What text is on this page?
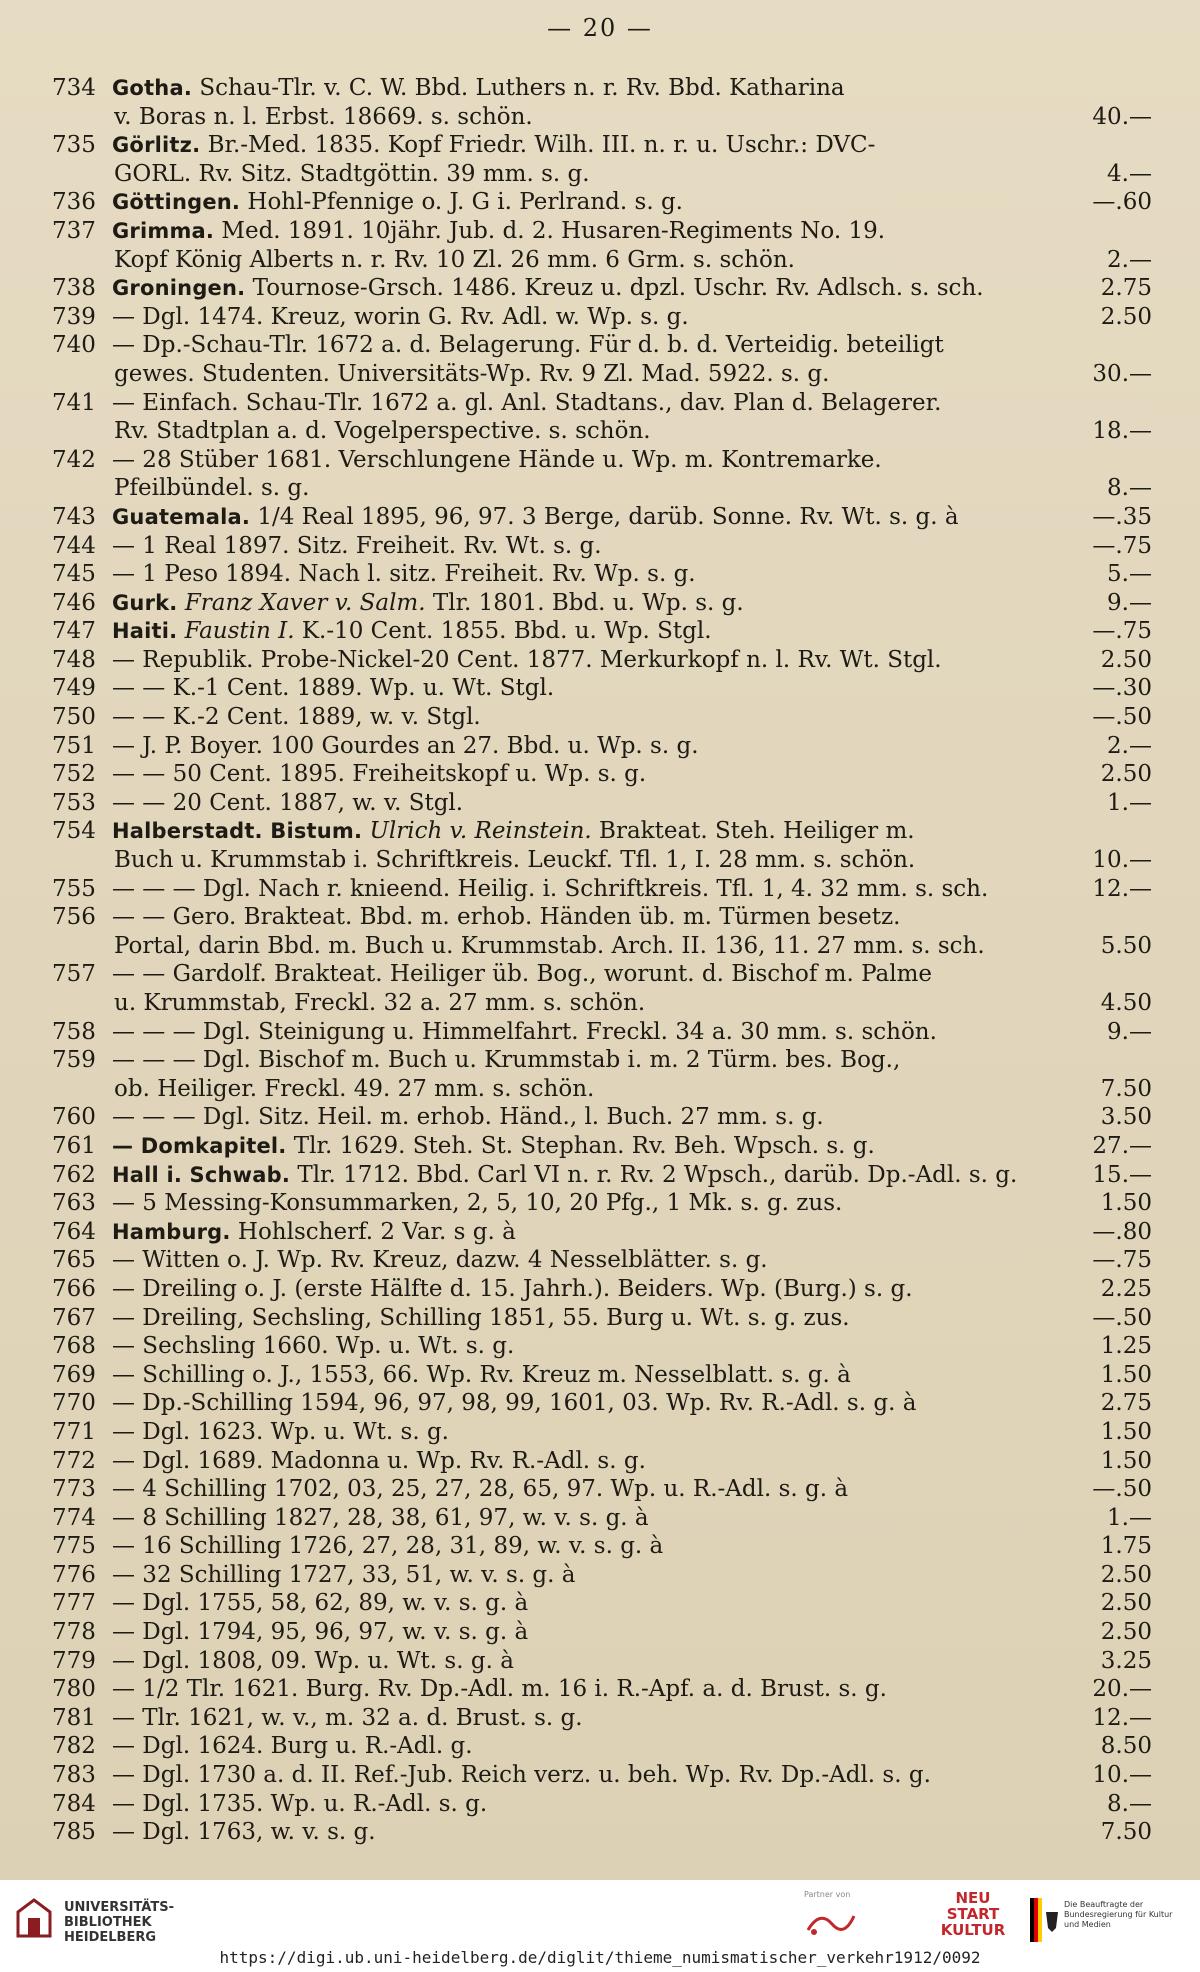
— 20 —
734 Gotha. Schau-Tlr. v. C. W. Bbd. Luthers n. r. Rv. Bbd. Katharina
v. Boras n. l. Erbst. 18669. s. schön.	40.—
735 Görlitz. Br.-Med. 1835. Kopf Friedr. Wilh. III. n. r. u. Uschr.: DVC-
GORL. Rv. Sitz. Stadtgöttin. 39 mm. s. g.	4.—
736 Göttingen. Hohl-Pfennige o. J. G i. Perlrand. s. g.	—.60
737 Grimma. Med. 1891. 10jähr. Jub. d. 2. Husaren-Regiments No. 19.
Kopf König Alberts n. r. Rv. 10 Zl. 26 mm. 6 Grm. s. schön.	2.—
738 Groningen. Tournose-Grsch. 1486. Kreuz u. dpzl. Uschr. Rv. Adlsch. s. sch.	2.75
739 — Dgl. 1474. Kreuz, worin G. Rv. Adl. w. Wp. s. g.	2.50
740 — Dp.-Schau-Tlr. 1672 a. d. Belagerung. Für d. b. d. Verteidig. beteiligt
gewes. Studenten. Universitäts-Wp. Rv. 9 Zl. Mad. 5922. s. g.	30.—
741 — Einfach. Schau-Tlr. 1672 a. gl. Anl. Stadtans., dav. Plan d. Belagerer.
Rv. Stadtplan a. d. Vogelperspective. s. schön.	18.—
742 — 28 Stüber 1681. Verschlungene Hände u. Wp. m. Kontremarke.
Pfeilbündel. s. g.	8.—
743 Guatemala. 1/4 Real 1895, 96, 97. 3 Berge, darüb. Sonne. Rv. Wt. s. g. à	—.35
744 — 1 Real 1897. Sitz. Freiheit. Rv. Wt. s. g.	—.75
745 — 1 Peso 1894. Nach l. sitz. Freiheit. Rv. Wp. s. g.	5.—
746 Gurk. Franz Xaver v. Salm. Tlr. 1801. Bbd. u. Wp. s. g.	9.—
747 Haiti. Faustin I. K.-10 Cent. 1855. Bbd. u. Wp. Stgl.	—.75
748 — Republik. Probe-Nickel-20 Cent. 1877. Merkurkopf n. l. Rv. Wt. Stgl.	2.50
749 — — K.-1 Cent. 1889. Wp. u. Wt. Stgl.	—.30
750 — — K.-2 Cent. 1889, w. v. Stgl.	—.50
751 — J. P. Boyer. 100 Gourdes an 27. Bbd. u. Wp. s. g.	2.—
752 — — 50 Cent. 1895. Freiheitskopf u. Wp. s. g.	2.50
753 — — 20 Cent. 1887, w. v. Stgl.	1.—
754 Halberstadt. Bistum. Ulrich v. Reinstein. Brakteat. Steh. Heiliger m.
Buch u. Krummstab i. Schriftkreis. Leuckf. Tfl. 1, I. 28 mm. s. schön.	10.—
755 — — — Dgl. Nach r. knieend. Heilig. i. Schriftkreis. Tfl. 1, 4. 32 mm. s. sch.	12.—
756 — — Gero. Brakteat. Bbd. m. erhob. Händen üb. m. Türmen besetz.
Portal, darin Bbd. m. Buch u. Krummstab. Arch. II. 136, 11. 27 mm. s. sch.	5.50
757 — — Gardolf. Brakteat. Heiliger üb. Bog., worunt. d. Bischof m. Palme
u. Krummstab, Freckl. 32 a. 27 mm. s. schön.	4.50
758 — — — Dgl. Steinigung u. Himmelfahrt. Freckl. 34 a. 30 mm. s. schön.	9.—
759 — — — Dgl. Bischof m. Buch u. Krummstab i. m. 2 Türm. bes. Bog.,
ob. Heiliger. Freckl. 49. 27 mm. s. schön.	7.50
760 — — — Dgl. Sitz. Heil. m. erhob. Händ., l. Buch. 27 mm. s. g.	3.50
761 — Domkapitel. Tlr. 1629. Steh. St. Stephan. Rv. Beh. Wpsch. s. g.	27.—
762 Hall i. Schwab. Tlr. 1712. Bbd. Carl VI n. r. Rv. 2 Wpsch., darüb. Dp.-Adl. s. g.	15.—
763 — 5 Messing-Konsummarken, 2, 5, 10, 20 Pfg., 1 Mk. s. g. zus.	1.50
764 Hamburg. Hohlscherf. 2 Var. s g. à	—.80
765 — Witten o. J. Wp. Rv. Kreuz, dazw. 4 Nesselblätter. s. g.	—.75
766 — Dreiling o. J. (erste Hälfte d. 15. Jahrh.). Beiders. Wp. (Burg.) s. g.	2.25
767 — Dreiling, Sechsling, Schilling 1851, 55. Burg u. Wt. s. g. zus.	—.50
768 — Sechsling 1660. Wp. u. Wt. s. g.	1.25
769 — Schilling o. J., 1553, 66. Wp. Rv. Kreuz m. Nesselblatt. s. g. à	1.50
770 — Dp.-Schilling 1594, 96, 97, 98, 99, 1601, 03. Wp. Rv. R.-Adl. s. g. à	2.75
771 — Dgl. 1623. Wp. u. Wt. s. g.	1.50
772 — Dgl. 1689. Madonna u. Wp. Rv. R.-Adl. s. g.	1.50
773 — 4 Schilling 1702, 03, 25, 27, 28, 65, 97. Wp. u. R.-Adl. s. g. à	—.50
774 — 8 Schilling 1827, 28, 38, 61, 97, w. v. s. g. à	1.—
775 — 16 Schilling 1726, 27, 28, 31, 89, w. v. s. g. à	1.75
776 — 32 Schilling 1727, 33, 51, w. v. s. g. à	2.50
777 — Dgl. 1755, 58, 62, 89, w. v. s. g. à	2.50
778 — Dgl. 1794, 95, 96, 97, w. v. s. g. à	2.50
779 — Dgl. 1808, 09. Wp. u. Wt. s. g. à	3.25
780 — 1/2 Tlr. 1621. Burg. Rv. Dp.-Adl. m. 16 i. R.-Apf. a. d. Brust. s. g.	20.—
781 — Tlr. 1621, w. v., m. 32 a. d. Brust. s. g.	12.—
782 — Dgl. 1624. Burg u. R.-Adl. g.	8.50
783 — Dgl. 1730 a. d. II. Ref.-Jub. Reich verz. u. beh. Wp. Rv. Dp.-Adl. s. g.	10.—
784 — Dgl. 1735. Wp. u. R.-Adl. s. g.	8.—
785 — Dgl. 1763, w. v. s. g.	7.50
UNIVERSITÄTS-
BIBLIOTHEK
HEIDELBERG
Partner von	NEU
START
KULTUR
Die Beauftragte der Bundesregierung für Kultur und Medien
https://digi.ub.uni-heidelberg.de/diglit/thieme_numismatischer_verkehr1912/0092
